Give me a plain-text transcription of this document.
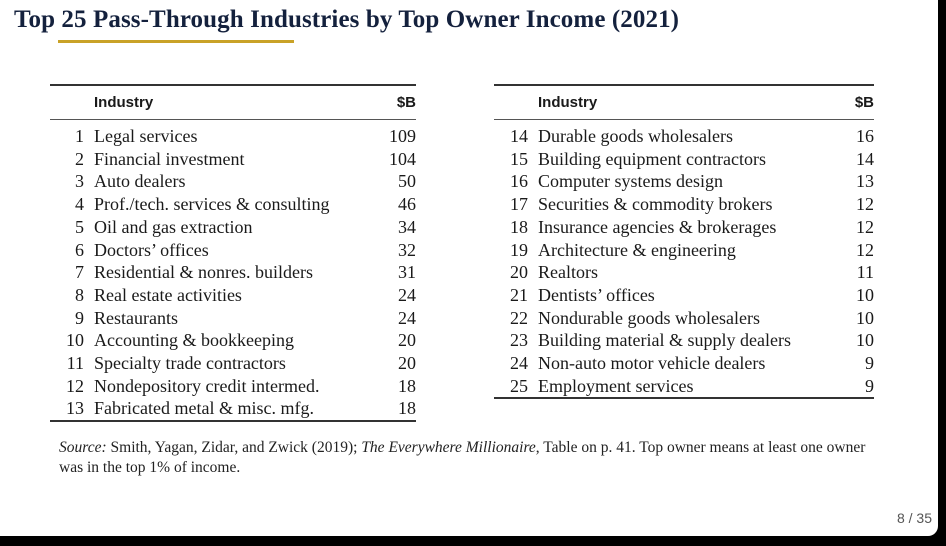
Top 25 Pass-Through Industries by Top Owner Income (2021)
	Industry	$B
1	Legal services	109
2	Financial investment	104
3	Auto dealers	50
4	Prof./tech. services & consulting	46
5	Oil and gas extraction	34
6	Doctors’ offices	32
7	Residential & nonres. builders	31
8	Real estate activities	24
9	Restaurants	24
10	Accounting & bookkeeping	20
11	Specialty trade contractors	20
12	Nondepository credit intermed.	18
13	Fabricated metal & misc. mfg.	18
	Industry	$B
14	Durable goods wholesalers	16
15	Building equipment contractors	14
16	Computer systems design	13
17	Securities & commodity brokers	12
18	Insurance agencies & brokerages	12
19	Architecture & engineering	12
20	Realtors	11
21	Dentists’ offices	10
22	Nondurable goods wholesalers	10
23	Building material & supply dealers	10
24	Non-auto motor vehicle dealers	9
25	Employment services	9
Source: Smith, Yagan, Zidar, and Zwick (2019); The Everywhere Millionaire, Table on p. 41. Top owner means at least one owner was in the top 1% of income.
8 / 35
